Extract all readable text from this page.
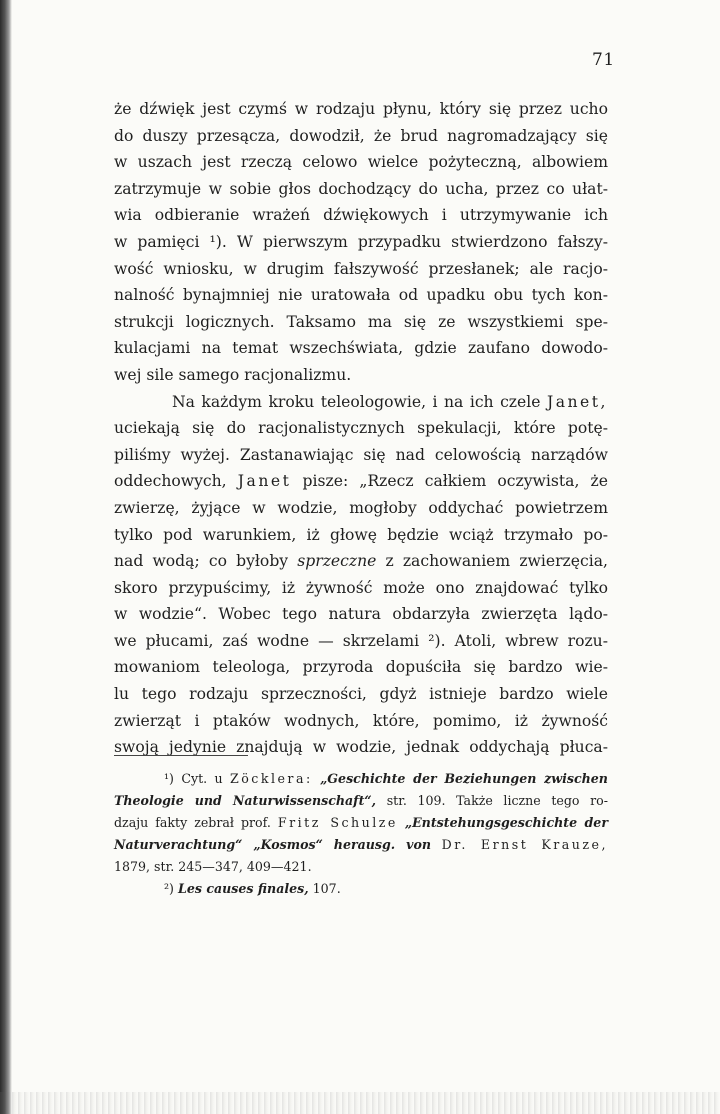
71
że dźwięk jest czymś w rodzaju płynu, który się przez ucho
do duszy przesącza, dowodził, że brud nagromadzający się
w uszach jest rzeczą celowo wielce pożyteczną, albowiem
zatrzymuje w sobie głos dochodzący do ucha, przez co ułat-
wia odbieranie wrażeń dźwiękowych i utrzymywanie ich
w pamięci ¹). W pierwszym przypadku stwierdzono fałszy-
wość wniosku, w drugim fałszywość przesłanek; ale racjo-
nalność bynajmniej nie uratowała od upadku obu tych kon-
strukcji logicznych. Taksamo ma się ze wszystkiemi spe-
kulacjami na temat wszechświata, gdzie zaufano dowodo-
wej sile samego racjonalizmu.
Na każdym kroku teleologowie, i na ich czele Janet,
uciekają się do racjonalistycznych spekulacji, które potę-
piliśmy wyżej. Zastanawiając się nad celowością narządów
oddechowych, Janet pisze: „Rzecz całkiem oczywista, że
zwierzę, żyjące w wodzie, mogłoby oddychać powietrzem
tylko pod warunkiem, iż głowę będzie wciąż trzymało po-
nad wodą; co byłoby sprzeczne z zachowaniem zwierzęcia,
skoro przypuścimy, iż żywność może ono znajdować tylko
w wodzie“. Wobec tego natura obdarzyła zwierzęta lądo-
we płucami, zaś wodne — skrzelami ²). Atoli, wbrew rozu-
mowaniom teleologa, przyroda dopuściła się bardzo wie-
lu tego rodzaju sprzeczności, gdyż istnieje bardzo wiele
zwierząt i ptaków wodnych, które, pomimo, iż żywność
swoją jedynie znajdują w wodzie, jednak oddychają płuca-
¹) Cyt. u Zöcklera: „Geschichte der Beziehungen zwischen
Theologie und Naturwissenschaft“, str. 109. Także liczne tego ro-
dzaju fakty zebrał prof. Fritz Schulze „Entstehungsgeschichte der
Naturverachtung“ „Kosmos“ herausg. von Dr. Ernst Krauze,
1879, str. 245—347, 409—421.
²) Les causes finales, 107.
